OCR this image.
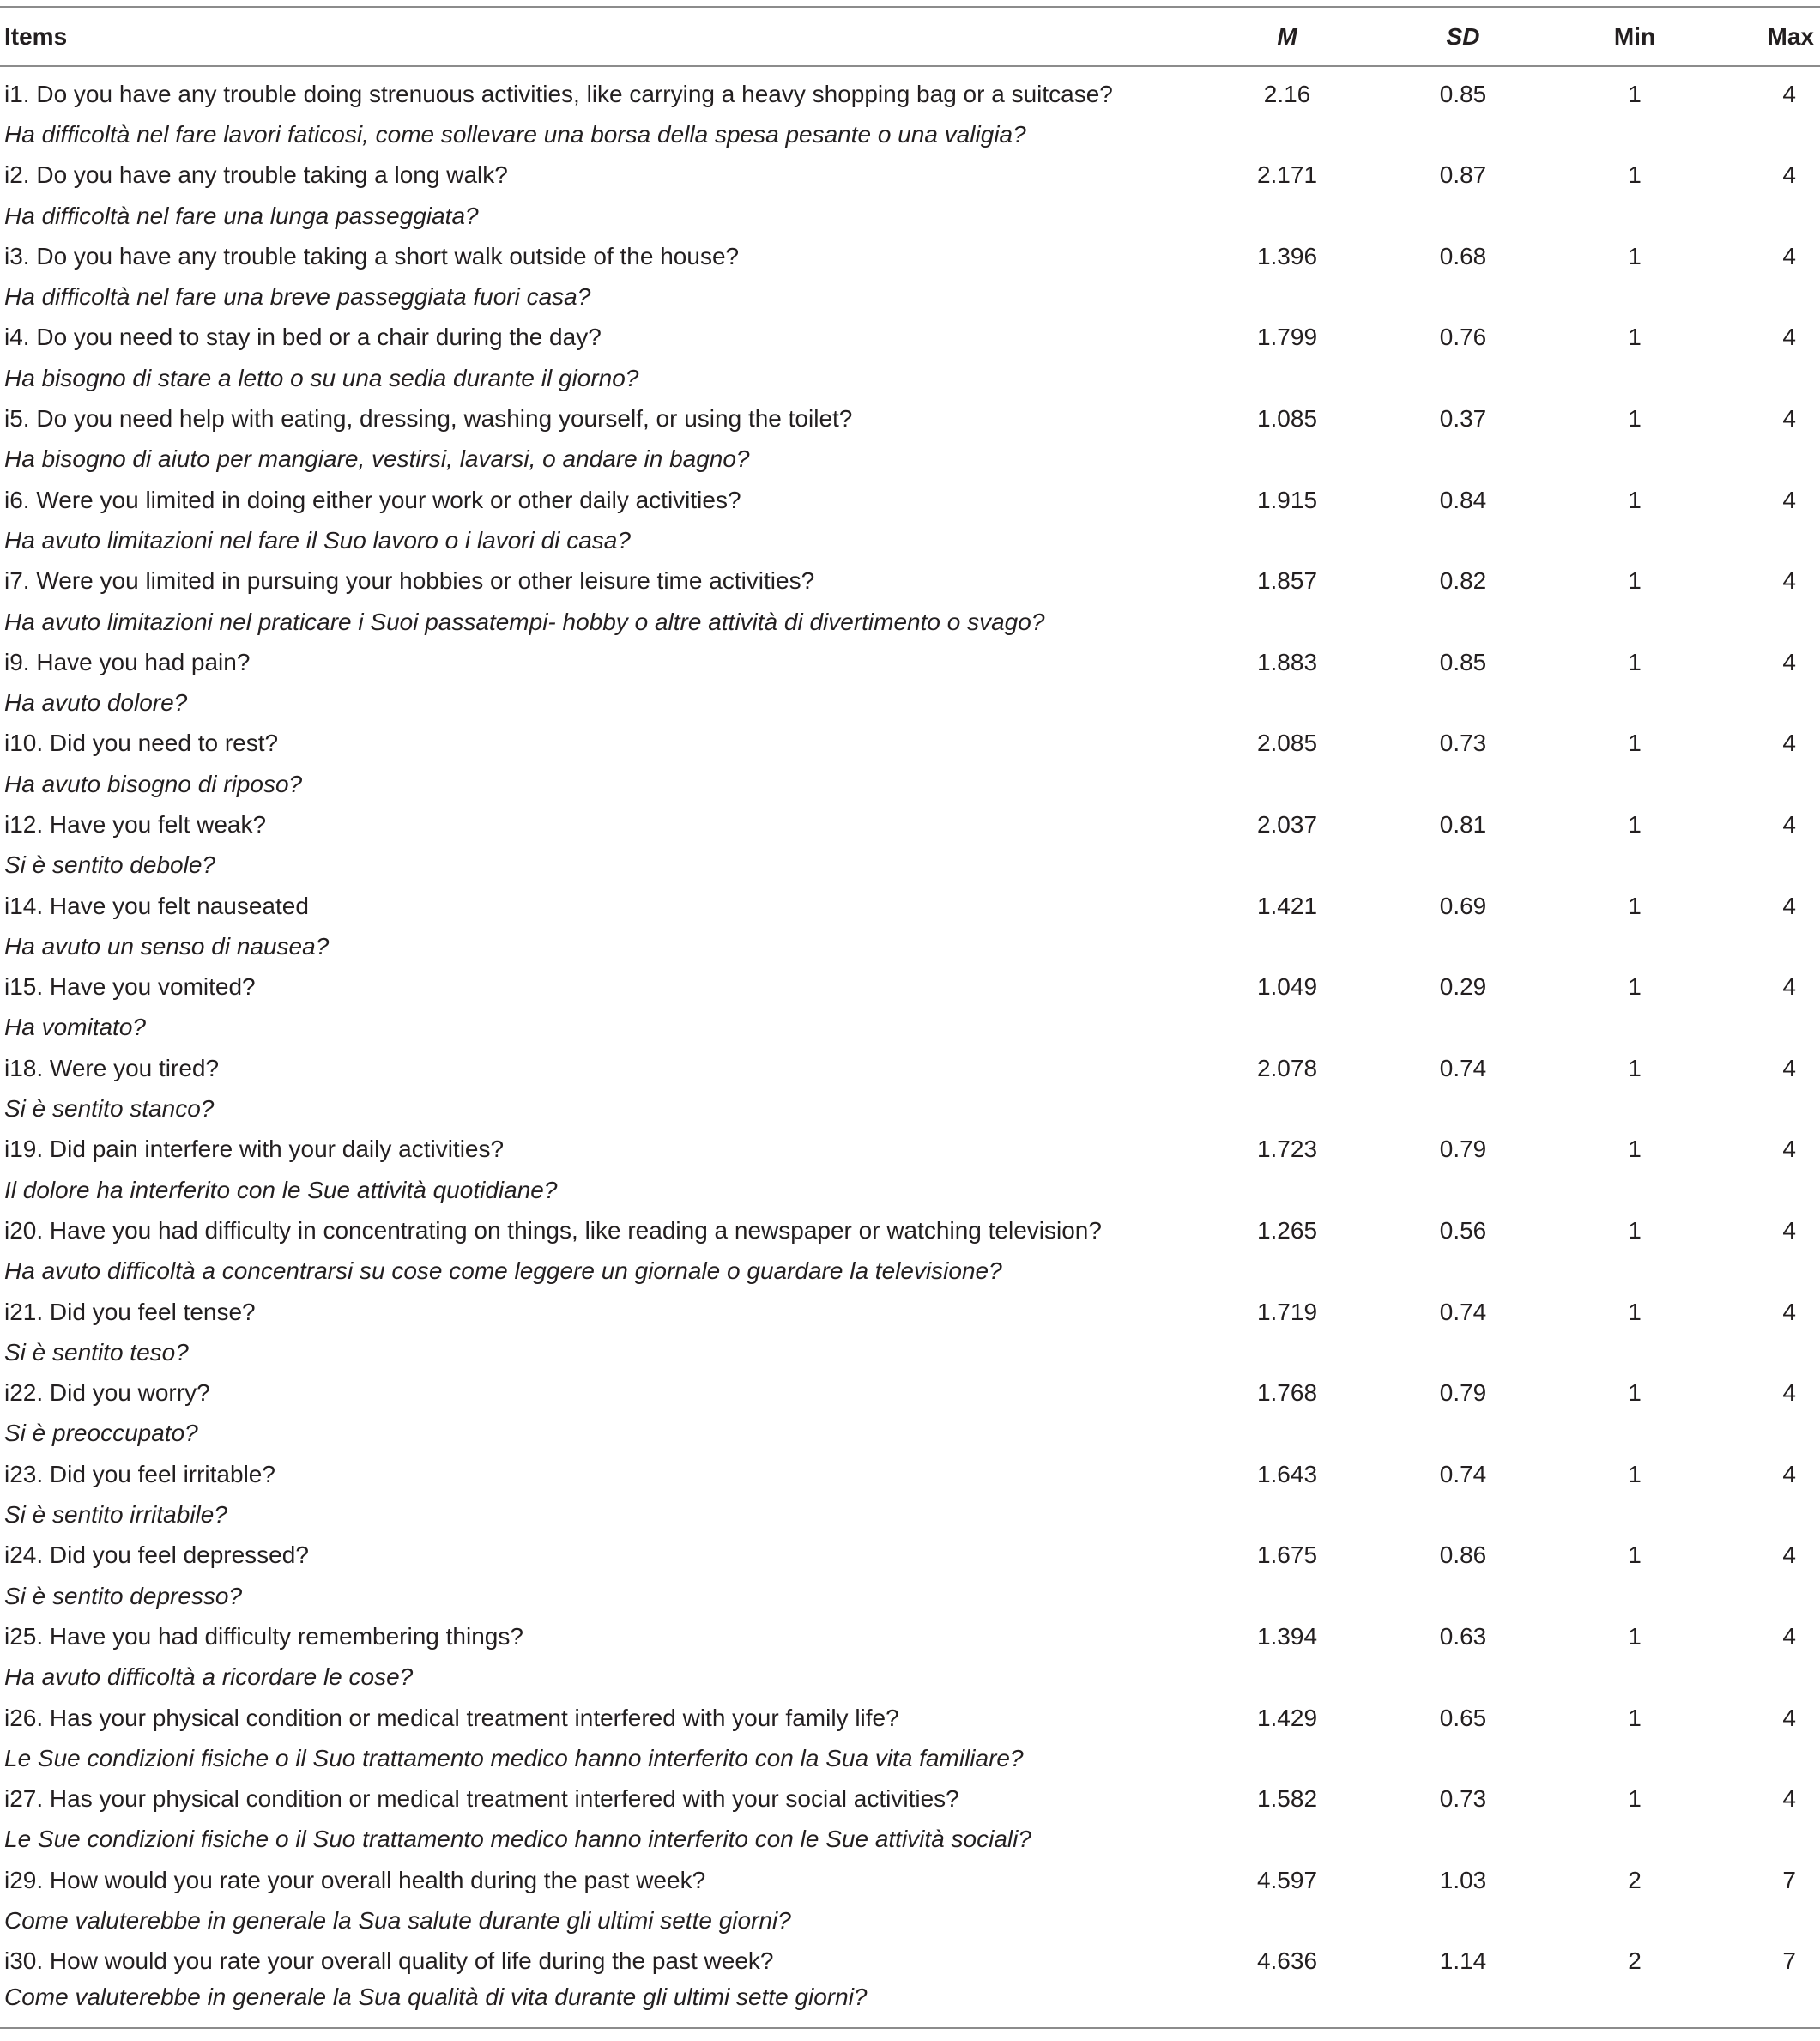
Items	M	SD	Min	Max
i1. Do you have any trouble doing strenuous activities, like carrying a heavy shopping bag or a suitcase?	2.16	0.85	1	4
Ha difficoltà nel fare lavori faticosi, come sollevare una borsa della spesa pesante o una valigia?				
i2. Do you have any trouble taking a long walk?	2.171	0.87	1	4
Ha difficoltà nel fare una lunga passeggiata?				
i3. Do you have any trouble taking a short walk outside of the house?	1.396	0.68	1	4
Ha difficoltà nel fare una breve passeggiata fuori casa?				
i4. Do you need to stay in bed or a chair during the day?	1.799	0.76	1	4
Ha bisogno di stare a letto o su una sedia durante il giorno?				
i5. Do you need help with eating, dressing, washing yourself, or using the toilet?	1.085	0.37	1	4
Ha bisogno di aiuto per mangiare, vestirsi, lavarsi, o andare in bagno?				
i6. Were you limited in doing either your work or other daily activities?	1.915	0.84	1	4
Ha avuto limitazioni nel fare il Suo lavoro o i lavori di casa?				
i7. Were you limited in pursuing your hobbies or other leisure time activities?	1.857	0.82	1	4
Ha avuto limitazioni nel praticare i Suoi passatempi- hobby o altre attività di divertimento o svago?				
i9. Have you had pain?	1.883	0.85	1	4
Ha avuto dolore?				
i10. Did you need to rest?	2.085	0.73	1	4
Ha avuto bisogno di riposo?				
i12. Have you felt weak?	2.037	0.81	1	4
Si è sentito debole?				
i14. Have you felt nauseated	1.421	0.69	1	4
Ha avuto un senso di nausea?				
i15. Have you vomited?	1.049	0.29	1	4
Ha vomitato?				
i18. Were you tired?	2.078	0.74	1	4
Si è sentito stanco?				
i19. Did pain interfere with your daily activities?	1.723	0.79	1	4
Il dolore ha interferito con le Sue attività quotidiane?				
i20. Have you had difficulty in concentrating on things, like reading a newspaper or watching television?	1.265	0.56	1	4
Ha avuto difficoltà a concentrarsi su cose come leggere un giornale o guardare la televisione?				
i21. Did you feel tense?	1.719	0.74	1	4
Si è sentito teso?				
i22. Did you worry?	1.768	0.79	1	4
Si è preoccupato?				
i23. Did you feel irritable?	1.643	0.74	1	4
Si è sentito irritabile?				
i24. Did you feel depressed?	1.675	0.86	1	4
Si è sentito depresso?				
i25. Have you had difficulty remembering things?	1.394	0.63	1	4
Ha avuto difficoltà a ricordare le cose?				
i26. Has your physical condition or medical treatment interfered with your family life?	1.429	0.65	1	4
Le Sue condizioni fisiche o il Suo trattamento medico hanno interferito con la Sua vita familiare?				
i27. Has your physical condition or medical treatment interfered with your social activities?	1.582	0.73	1	4
Le Sue condizioni fisiche o il Suo trattamento medico hanno interferito con le Sue attività sociali?				
i29. How would you rate your overall health during the past week?	4.597	1.03	2	7
Come valuterebbe in generale la Sua salute durante gli ultimi sette giorni?				
i30. How would you rate your overall quality of life during the past week?	4.636	1.14	2	7
Come valuterebbe in generale la Sua qualità di vita durante gli ultimi sette giorni?				
